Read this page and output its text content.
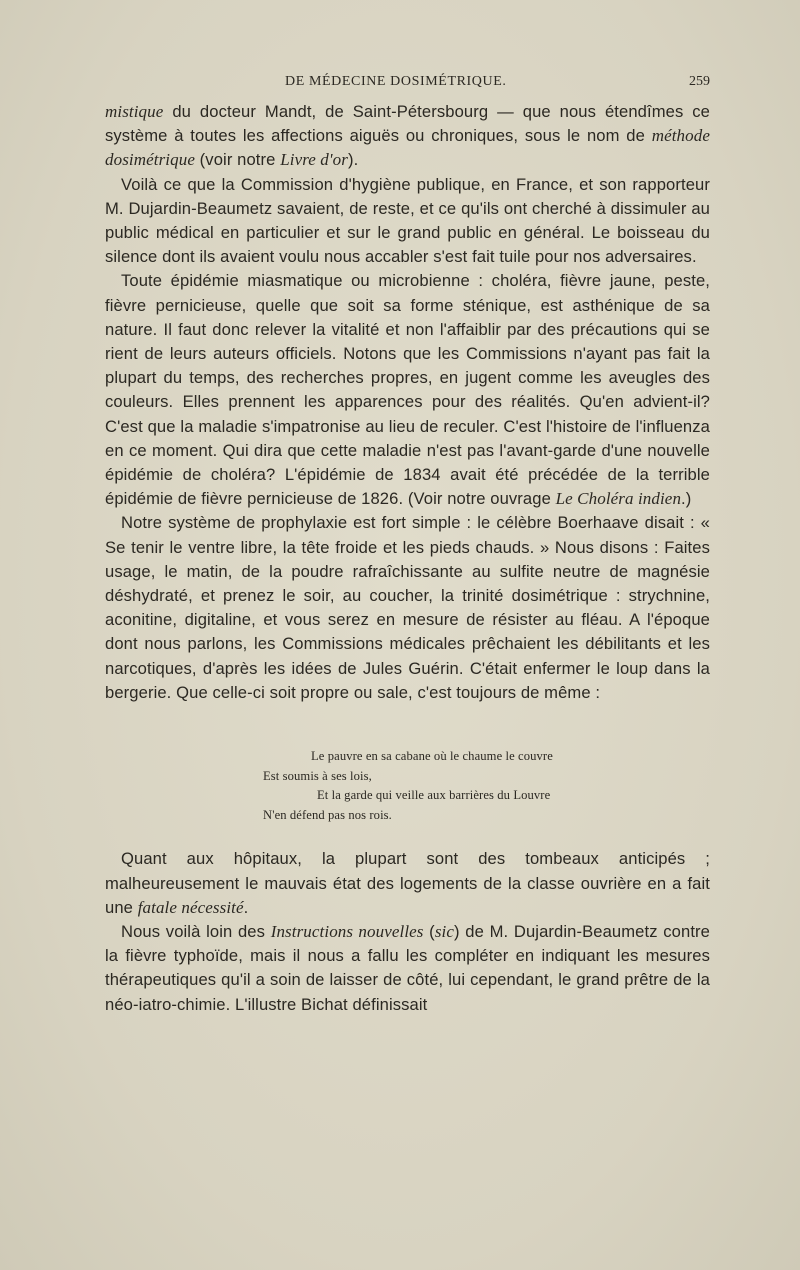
DE MÉDECINE DOSIMÉTRIQUE.	259

mistique du docteur Mandt, de Saint-Pétersbourg — que nous étendîmes ce système à toutes les affections aiguës ou chroniques, sous le nom de méthode dosimétrique (voir notre Livre d'or).

Voilà ce que la Commission d'hygiène publique, en France, et son rapporteur M. Dujardin-Beaumetz savaient, de reste, et ce qu'ils ont cherché à dissimuler au public médical en particulier et sur le grand public en général. Le boisseau du silence dont ils avaient voulu nous accabler s'est fait tuile pour nos adversaires.

Toute épidémie miasmatique ou microbienne : choléra, fièvre jaune, peste, fièvre pernicieuse, quelle que soit sa forme sténique, est asthénique de sa nature. Il faut donc relever la vitalité et non l'affaiblir par des précautions qui se rient de leurs auteurs officiels. Notons que les Commissions n'ayant pas fait la plupart du temps, des recherches propres, en jugent comme les aveugles des couleurs. Elles prennent les apparences pour des réalités. Qu'en advient-il? C'est que la maladie s'impatronise au lieu de reculer. C'est l'histoire de l'influenza en ce moment. Qui dira que cette maladie n'est pas l'avant-garde d'une nouvelle épidémie de choléra? L'épidémie de 1834 avait été précédée de la terrible épidémie de fièvre pernicieuse de 1826. (Voir notre ouvrage Le Choléra indien.)

Notre système de prophylaxie est fort simple : le célèbre Boerhaave disait : « Se tenir le ventre libre, la tête froide et les pieds chauds. » Nous disons : Faites usage, le matin, de la poudre rafraîchissante au sulfite neutre de magnésie déshydraté, et prenez le soir, au coucher, la trinité dosimétrique : strychnine, aconitine, digitaline, et vous serez en mesure de résister au fléau. A l'époque dont nous parlons, les Commissions médicales prêchaient les débilitants et les narcotiques, d'après les idées de Jules Guérin. C'était enfermer le loup dans la bergerie. Que celle-ci soit propre ou sale, c'est toujours de même :

Le pauvre en sa cabane où le chaume le couvre
Est soumis à ses lois,
Et la garde qui veille aux barrières du Louvre
N'en défend pas nos rois.

Quant aux hôpitaux, la plupart sont des tombeaux anticipés ; malheureusement le mauvais état des logements de la classe ouvrière en a fait une fatale nécessité.

Nous voilà loin des Instructions nouvelles (sic) de M. Dujardin-Beaumetz contre la fièvre typhoïde, mais il nous a fallu les compléter en indiquant les mesures thérapeutiques qu'il a soin de laisser de côté, lui cependant, le grand prêtre de la néo-iatro-chimie. L'illustre Bichat définissait
